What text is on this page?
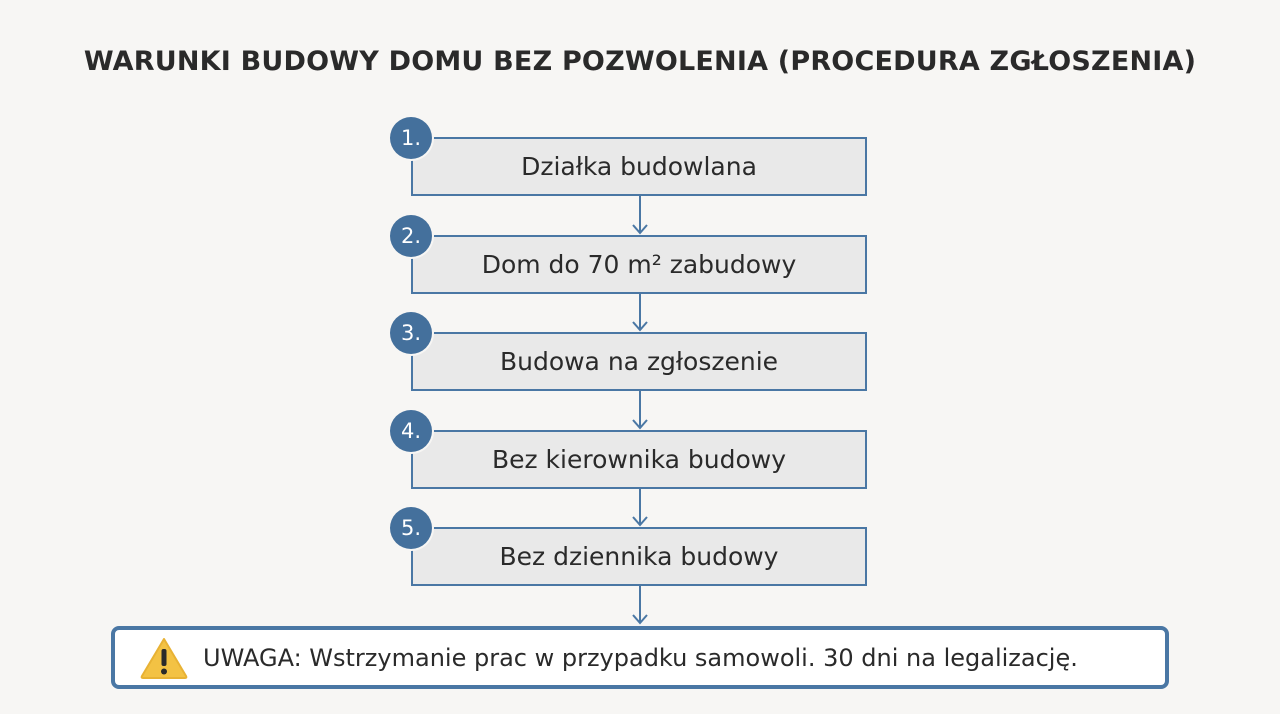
WARUNKI BUDOWY DOMU BEZ POZWOLENIA (PROCEDURA ZGŁOSZENIA)
Działka budowlana
1.
Dom do 70 m² zabudowy
2.
Budowa na zgłoszenie
3.
Bez kierownika budowy
4.
Bez dziennika budowy
5.
UWAGA: Wstrzymanie prac w przypadku samowoli. 30 dni na legalizację.
